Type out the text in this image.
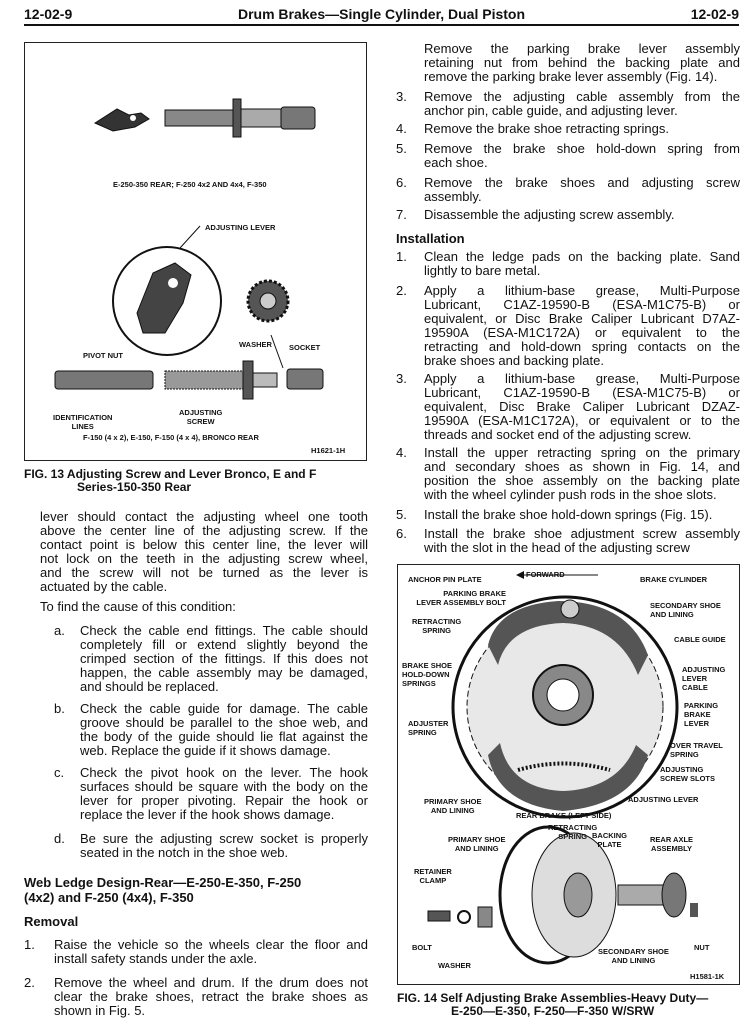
12-02-9	Drum Brakes—Single Cylinder, Dual Piston	12-02-9
E-250-350 REAR; F-250 4x2 AND 4x4, F-350
ADJUSTING LEVER
WASHER SOCKET
PIVOT NUT
IDENTIFICATION
LINES
ADJUSTING
SCREW
F-150 (4 x 2), E-150, F-150 (4 x 4), BRONCO REAR
H1621-1H
FIG. 13 Adjusting Screw and Lever Bronco, E and F
Series-150-350 Rear
lever should contact the adjusting wheel one tooth
above the center line of the adjusting screw. If the
contact point is below this center line, the lever will
not lock on the teeth in the adjusting screw wheel,
and the screw will not be turned as the lever is
actuated by the cable.
To find the cause of this condition:
a. Check the cable end fittings. The cable should
completely fill or extend slightly beyond the
crimped section of the fittings. If this does not
happen, the cable assembly may be damaged,
and should be replaced.
b. Check the cable guide for damage. The cable
groove should be parallel to the shoe web, and
the body of the guide should lie flat against the
web. Replace the guide if it shows damage.
c. Check the pivot hook on the lever. The hook
surfaces should be square with the body on the
lever for proper pivoting. Repair the hook or
replace the lever if the hook shows damage.
d. Be sure the adjusting screw socket is properly
seated in the notch in the shoe web.
Web Ledge Design-Rear—E-250-E-350, F-250
(4x2) and F-250 (4x4), F-350
Removal
1. Raise the vehicle so the wheels clear the floor and
install safety stands under the axle.
2. Remove the wheel and drum. If the drum does not
clear the brake shoes, retract the brake shoes as
shown in Fig. 5.
Remove the parking brake lever assembly
retaining nut from behind the backing plate and
remove the parking brake lever assembly (Fig. 14).
3. Remove the adjusting cable assembly from the
anchor pin, cable guide, and adjusting lever.
4. Remove the brake shoe retracting springs.
5. Remove the brake shoe hold-down spring from
each shoe.
6. Remove the brake shoes and adjusting screw
assembly.
7. Disassemble the adjusting screw assembly.
Installation
1. Clean the ledge pads on the backing plate. Sand
lightly to bare metal.
2. Apply a lithium-base grease, Multi-Purpose
Lubricant, C1AZ-19590-B (ESA-M1C75-B) or
equivalent, or Disc Brake Caliper Lubricant D7AZ-
19590A (ESA-M1C172A) or equivalent to the
retracting and hold-down spring contacts on the
brake shoes and backing plate.
3. Apply a lithium-base grease, Multi-Purpose
Lubricant, C1AZ-19590-B (ESA-M1C75-B) or
equivalent, Disc Brake Caliper Lubricant DZAZ-
19590A (ESA-M1C172A), or equivalent or to the
threads and socket end of the adjusting screw.
4. Install the upper retracting spring on the primary
and secondary shoes as shown in Fig. 14, and
position the shoe assembly on the backing plate
with the wheel cylinder push rods in the shoe slots.
5. Install the brake shoe hold-down springs (Fig. 15).
6. Install the brake shoe adjustment screw assembly
with the slot in the head of the adjusting screw
FORWARD
ANCHOR PIN PLATE	BRAKE CYLINDER
PARKING BRAKE
LEVER ASSEMBLY BOLT	SECONDARY SHOE
AND LINING
RETRACTING
SPRING
CABLE GUIDE
BRAKE SHOE
HOLD-DOWN
SPRINGS
ADJUSTING
LEVER
CABLE
PARKING
BRAKE
LEVER
ADJUSTER
SPRING
OVER TRAVEL
SPRING
ADJUSTING
SCREW SLOTS
ADJUSTING LEVER
PRIMARY SHOE
AND LINING
REAR BRAKE (LEFT SIDE)
RETRACTING
SPRING BACKING
PLATE
PRIMARY SHOE
AND LINING
REAR AXLE
ASSEMBLY
RETAINER
CLAMP
BOLT
WASHER
SECONDARY SHOE
AND LINING
NUT
H1581-1K
FIG. 14 Self Adjusting Brake Assemblies-Heavy Duty—
E-250—E-350, F-250—F-350 W/SRW
